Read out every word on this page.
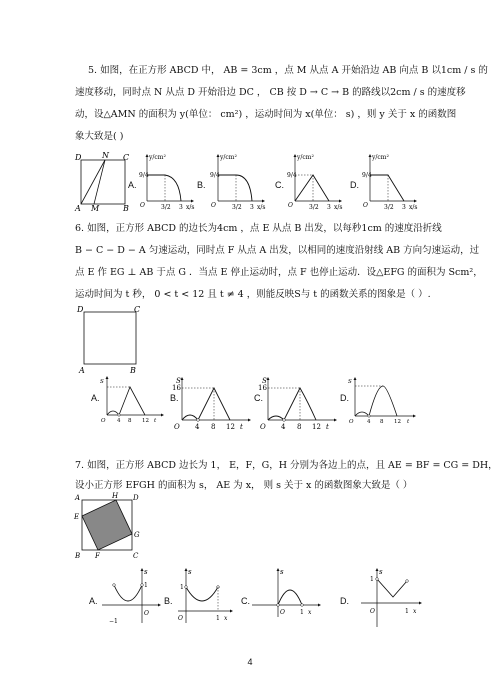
5. 如图，在正方形 ABCD 中， AB = 3cm ，点 M 从点 A 开始沿边 AB 向点 B 以1cm / s 的
速度移动，同时点 N 从点 D 开始沿边 DC ， CB 按 D → C → B 的路线以2cm / s 的速度移
动，设△AMN 的面积为 y(单位： cm²) ，运动时间为 x(单位： s) ，则 y 关于 x 的函数图
象大致是( )
D	N C
A M	B
A.	B.	C.	D.
y/cm²
9/4
O	3/2 3 x/s
y/cm²
9/4
O	3/2 3 x/s
y/cm²
9/4
O	3/2 3 x/s
y/cm²
9/4
O	3/2 3 x/s
6. 如图，正方形 ABCD 的边长为4cm ，点 E 从点 B 出发，以每秒1cm 的速度沿折线
B − C − D − A 匀速运动，同时点 F 从点 A 出发，以相同的速度沿射线 AB 方向匀速运动，过
点 E 作 EG ⊥ AB 于点 G ．当点 E 停止运动时，点 F 也停止运动．设△EFG 的面积为 Scm²，
运动时间为 t 秒， 0 < t < 12 且 t ≠ 4 ，则能反映S与 t 的函数关系的图象是（ ）.
D	C
A	B
A.	B.	C.	D.
S
O 4 8 12 t
16
S
O 4 8 12 t
16
S
O 4 8 12 t
S
O 4 8 12 t
7. 如图，正方形 ABCD 边长为 1， E，F，G，H 分别为各边上的点，且 AE = BF = CG = DH，
设小正方形 EFGH 的面积为 s， AE 为 x， 则 s 关于 x 的函数图象大致是（ ）
A	H D
E
G
B F	C
A.	B.	C.	D.
s
1
−1
O
s
1
O	1 x
s
O	1 x
s
1
O	1 x
4
